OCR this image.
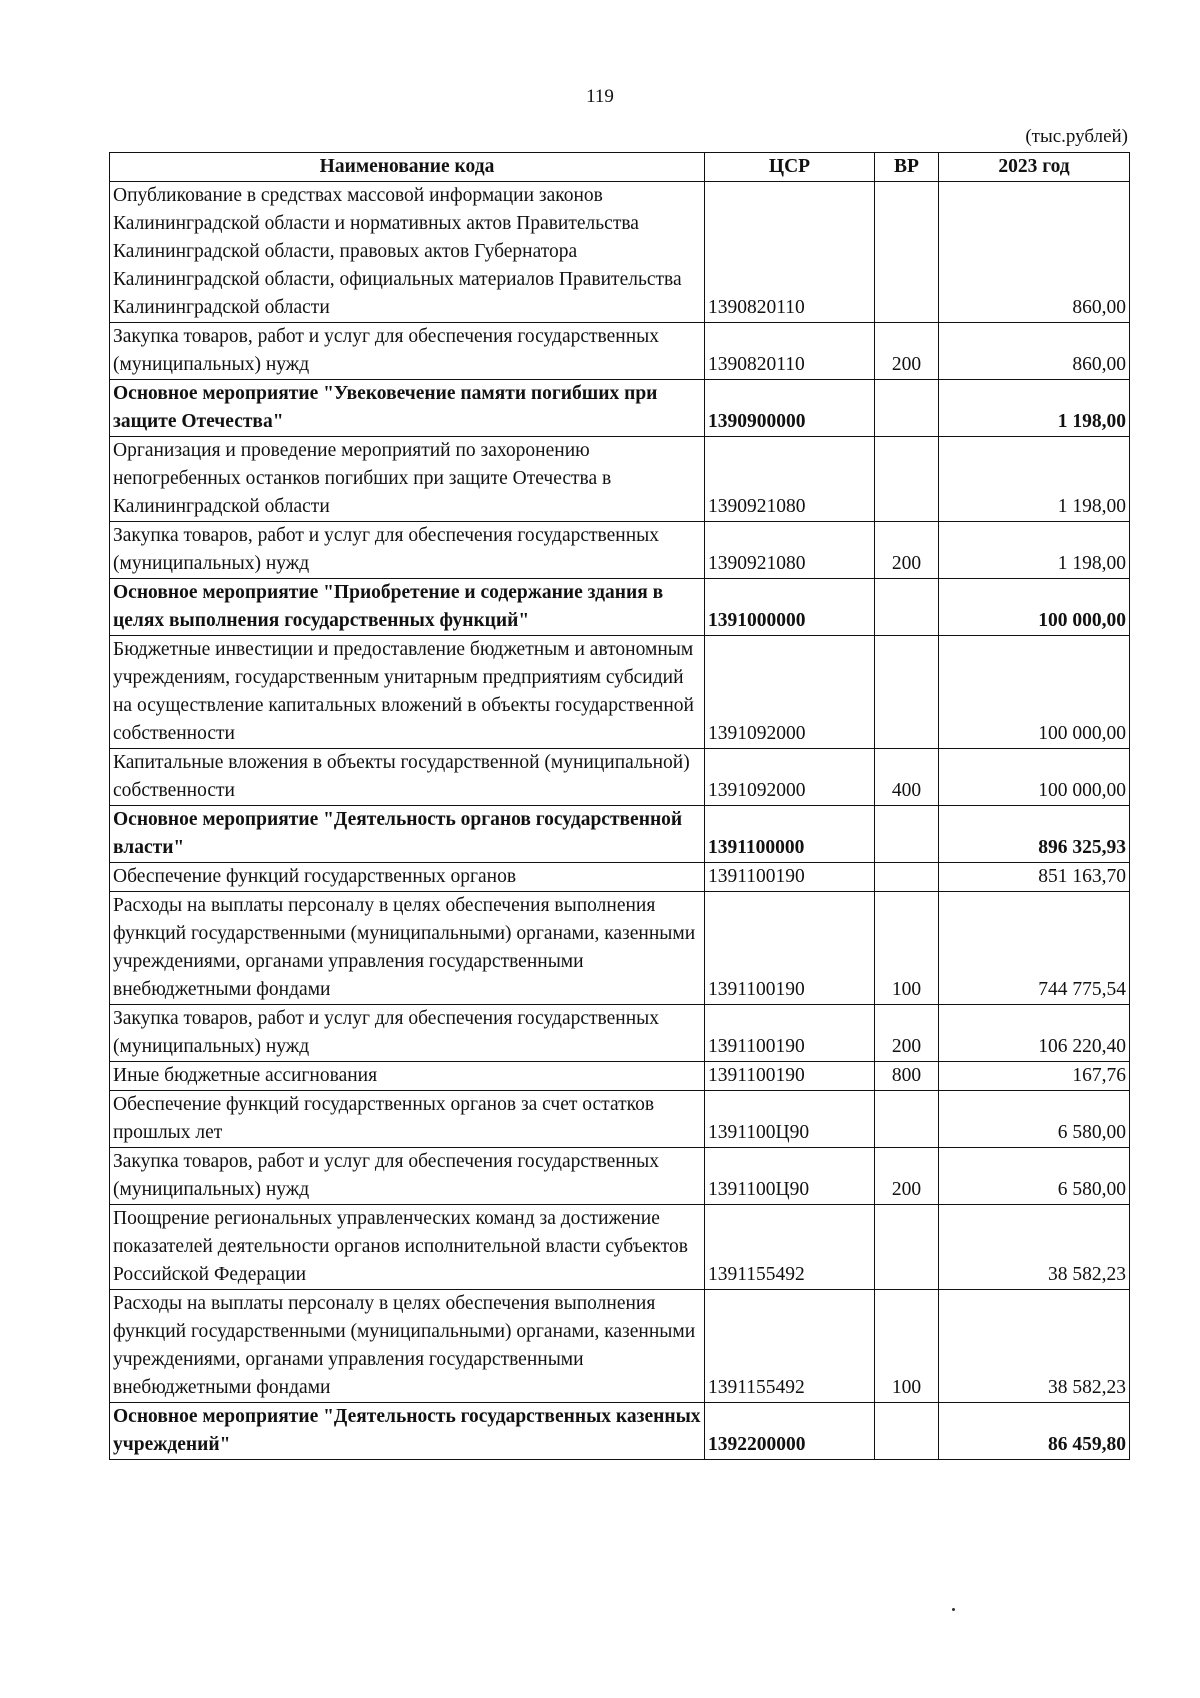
119
(тыс.рублей)
Наименование кода	ЦСР	ВР	2023 год
Опубликование в средствах массовой информации законов Калининградской области и нормативных актов Правительства Калининградской области, правовых актов Губернатора Калининградской области, официальных материалов Правительства Калининградской области	1390820110		860,00
Закупка товаров, работ и услуг для обеспечения государственных (муниципальных) нужд	1390820110	200	860,00
Основное мероприятие "Увековечение памяти погибших при защите Отечества"	1390900000		1 198,00
Организация и проведение мероприятий по захоронению непогребенных останков погибших при защите Отечества в Калининградской области	1390921080		1 198,00
Закупка товаров, работ и услуг для обеспечения государственных (муниципальных) нужд	1390921080	200	1 198,00
Основное мероприятие "Приобретение и содержание здания в целях выполнения государственных функций"	1391000000		100 000,00
Бюджетные инвестиции и предоставление бюджетным и автономным учреждениям, государственным унитарным предприятиям субсидий на осуществление капитальных вложений в объекты государственной собственности	1391092000		100 000,00
Капитальные вложения в объекты государственной (муниципальной) собственности	1391092000	400	100 000,00
Основное мероприятие "Деятельность органов государственной власти"	1391100000		896 325,93
Обеспечение функций государственных органов	1391100190		851 163,70
Расходы на выплаты персоналу в целях обеспечения выполнения функций государственными (муниципальными) органами, казенными учреждениями, органами управления государственными внебюджетными фондами	1391100190	100	744 775,54
Закупка товаров, работ и услуг для обеспечения государственных (муниципальных) нужд	1391100190	200	106 220,40
Иные бюджетные ассигнования	1391100190	800	167,76
Обеспечение функций государственных органов за счет остатков прошлых лет	1391100Ц90		6 580,00
Закупка товаров, работ и услуг для обеспечения государственных (муниципальных) нужд	1391100Ц90	200	6 580,00
Поощрение региональных управленческих команд за достижение показателей деятельности органов исполнительной власти субъектов Российской Федерации	1391155492		38 582,23
Расходы на выплаты персоналу в целях обеспечения выполнения функций государственными (муниципальными) органами, казенными учреждениями, органами управления государственными внебюджетными фондами	1391155492	100	38 582,23
Основное мероприятие "Деятельность государственных казенных учреждений"	1392200000		86 459,80
